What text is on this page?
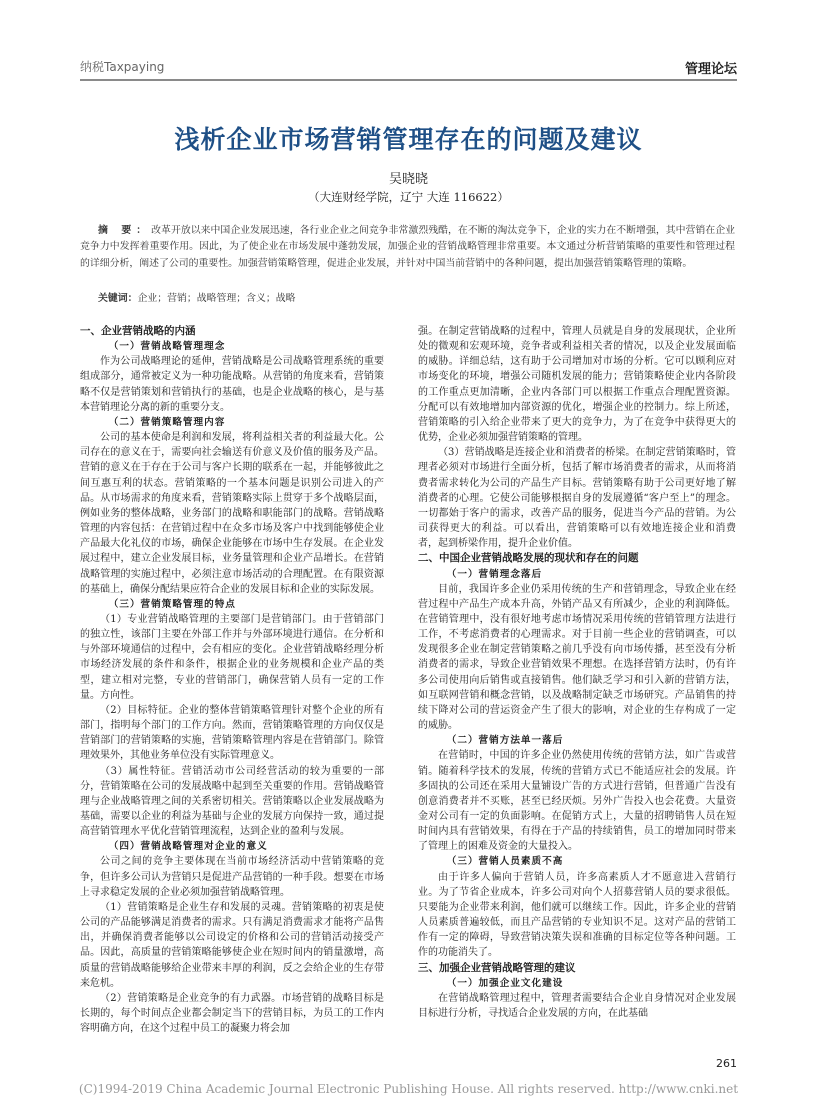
纳税Taxpaying	管理论坛
浅析企业市场营销管理存在的问题及建议
吴晓晓
（大连财经学院，辽宁 大连 116622）
摘 要：改革开放以来中国企业发展迅速，各行业企业之间竞争非常激烈残酷，在不断的淘汰竞争下，企业的实力在不断增强，其中营销在企业竞争力中发挥着重要作用。因此，为了使企业在市场发展中蓬勃发展，加强企业的营销战略管理非常重要。本文通过分析营销策略的重要性和管理过程的详细分析，阐述了公司的重要性。加强营销策略管理，促进企业发展，并针对中国当前营销中的各种问题，提出加强营销策略管理的策略。
关键词：企业；营销；战略管理；含义；战略

一、企业营销战略的内涵

（一）营销战略管理理念

作为公司战略理论的延伸，营销战略是公司战略管理系统的重要组成部分，通常被定义为一种功能战略。从营销的角度来看，营销策略不仅是营销策划和营销执行的基础，也是企业战略的核心，是与基本营销理论分离的新的重要分支。

（二）营销策略管理内容

公司的基本使命是利润和发展，将利益相关者的利益最大化。公司存在的意义在于，需要向社会输送有价意义及价值的服务及产品。营销的意义在于存在于公司与客户长期的联系在一起，并能够彼此之间互惠互利的状态。营销策略的一个基本问题是识别公司进入的产品。从市场需求的角度来看，营销策略实际上贯穿于多个战略层面，例如业务的整体战略，业务部门的战略和职能部门的战略。营销战略管理的内容包括：在营销过程中在众多市场及客户中找到能够使企业产品最大化礼仪的市场，确保企业能够在市场中生存发展。在企业发展过程中，建立企业发展目标，业务量管理和企业产品增长。在营销战略管理的实施过程中，必须注意市场活动的合理配置。在有限资源的基础上，确保分配结果应符合企业的发展目标和企业的实际发展。

（三）营销策略管理的特点

（1）专业营销战略管理的主要部门是营销部门。由于营销部门的独立性，该部门主要在外部工作并与外部环境进行通信。在分析和与外部环境通信的过程中，会有相应的变化。企业营销战略经理分析市场经济发展的条件和条件，根据企业的业务规模和企业产品的类型，建立相对完整，专业的营销部门，确保营销人员有一定的工作量。方向性。

（2）目标特征。企业的整体营销策略管理针对整个企业的所有部门，指明每个部门的工作方向。然而，营销策略管理的方向仅仅是营销部门的营销策略的实施，营销策略管理内容是在营销部门。除管理效果外，其他业务单位没有实际管理意义。

（3）属性特征。营销活动市公司经营活动的较为重要的一部分，营销策略在公司的发展战略中起到至关重要的作用。营销战略管理与企业战略管理之间的关系密切相关。营销策略以企业发展战略为基础，需要以企业的利益为基础与企业的发展方向保持一致，通过提高营销管理水平优化营销管理流程，达到企业的盈利与发展。

（四）营销战略管理对企业的意义

公司之间的竞争主要体现在当前市场经济活动中营销策略的竞争，但许多公司认为营销只是促进产品营销的一种手段。想要在市场上寻求稳定发展的企业必须加强营销战略管理。

（1）营销策略是企业生存和发展的灵魂。营销策略的初衷是使公司的产品能够满足消费者的需求。只有满足消费需求才能将产品售出，并确保消费者能够以公司设定的价格和公司的营销活动接受产品。因此，高质量的营销策略能够使企业在短时间内的销量激增，高质量的营销战略能够给企业带来丰厚的利润，反之会给企业的生存带来危机。

（2）营销策略是企业竞争的有力武器。市场营销的战略目标是长期的，每个时间点企业都会制定当下的营销目标，为员工的工作内容明确方向，在这个过程中员工的凝聚力将会加

强。在制定营销战略的过程中，管理人员就是自身的发展现状，企业所处的微观和宏观环境，竞争者或利益相关者的情况，以及企业发展面临的威胁。详细总结，这有助于公司增加对市场的分析。它可以顾利应对市场变化的环境，增强公司随机发展的能力；营销策略使企业内各阶段的工作重点更加清晰，企业内各部门可以根据工作重点合理配置资源。分配可以有效地增加内部资源的优化，增强企业的控制力。综上所述，营销策略的引入给企业带来了更大的竞争力，为了在竞争中获得更大的优势，企业必须加强营销策略的管理。

（3）营销战略是连接企业和消费者的桥梁。在制定营销策略时，管理者必须对市场进行全面分析，包括了解市场消费者的需求，从而将消费者需求转化为公司的产品生产目标。营销策略有助于公司更好地了解消费者的心理。它使公司能够根据自身的发展遵循“客户至上”的理念。一切都始于客户的需求，改善产品的服务，促进当今产品的营销。为公司获得更大的利益。可以看出，营销策略可以有效地连接企业和消费者，起到桥梁作用，提升企业价值。

二、中国企业营销战略发展的现状和存在的问题

（一）营销理念落后

目前，我国许多企业仍采用传统的生产和营销理念，导致企业在经营过程中产品生产成本升高，外销产品又有所减少，企业的利润降低。在营销管理中，没有很好地考虑市场情况采用传统的营销管理方法进行工作，不考虑消费者的心理需求。对于目前一些企业的营销调查，可以发现很多企业在制定营销策略之前几乎没有向市场传播，甚至没有分析消费者的需求，导致企业营销效果不理想。在选择营销方法时，仍有许多公司使用向后销售或直接销售。他们缺乏学习和引入新的营销方法，如互联网营销和概念营销，以及战略制定缺乏市场研究。产品销售的持续下降对公司的营运资金产生了很大的影响，对企业的生存构成了一定的威胁。

（二）营销方法单一落后

在营销时，中国的许多企业仍然使用传统的营销方法，如广告或营销。随着科学技术的发展，传统的营销方式已不能适应社会的发展。许多固执的公司还在采用大量铺设广告的方式进行营销，但普通广告没有创意消费者并不买账，甚至已经厌烦。另外广告投入也会花费。大量资金对公司有一定的负面影响。在促销方式上，大量的招聘销售人员在短时间内具有营销效果，有得在于产品的持续销售，员工的增加同时带来了管理上的困难及资金的大量投入。

（三）营销人员素质不高

由于许多人偏向于营销人员，许多高素质人才不愿意进入营销行业。为了节省企业成本，许多公司对向个人招募营销人员的要求很低。只要能为企业带来利润，他们就可以继续工作。因此，许多企业的营销人员素质普遍较低，而且产品营销的专业知识不足。这对产品的营销工作有一定的障碍，导致营销决策失误和准确的目标定位等各种问题。工作的功能消失了。

三、加强企业营销战略管理的建议

（一）加强企业文化建设

在营销战略管理过程中，管理者需要结合企业自身情况对企业发展目标进行分析，寻找适合企业发展的方向，在此基础

261
(C)1994-2019 China Academic Journal Electronic Publishing House. All rights reserved. http://www.cnki.net
